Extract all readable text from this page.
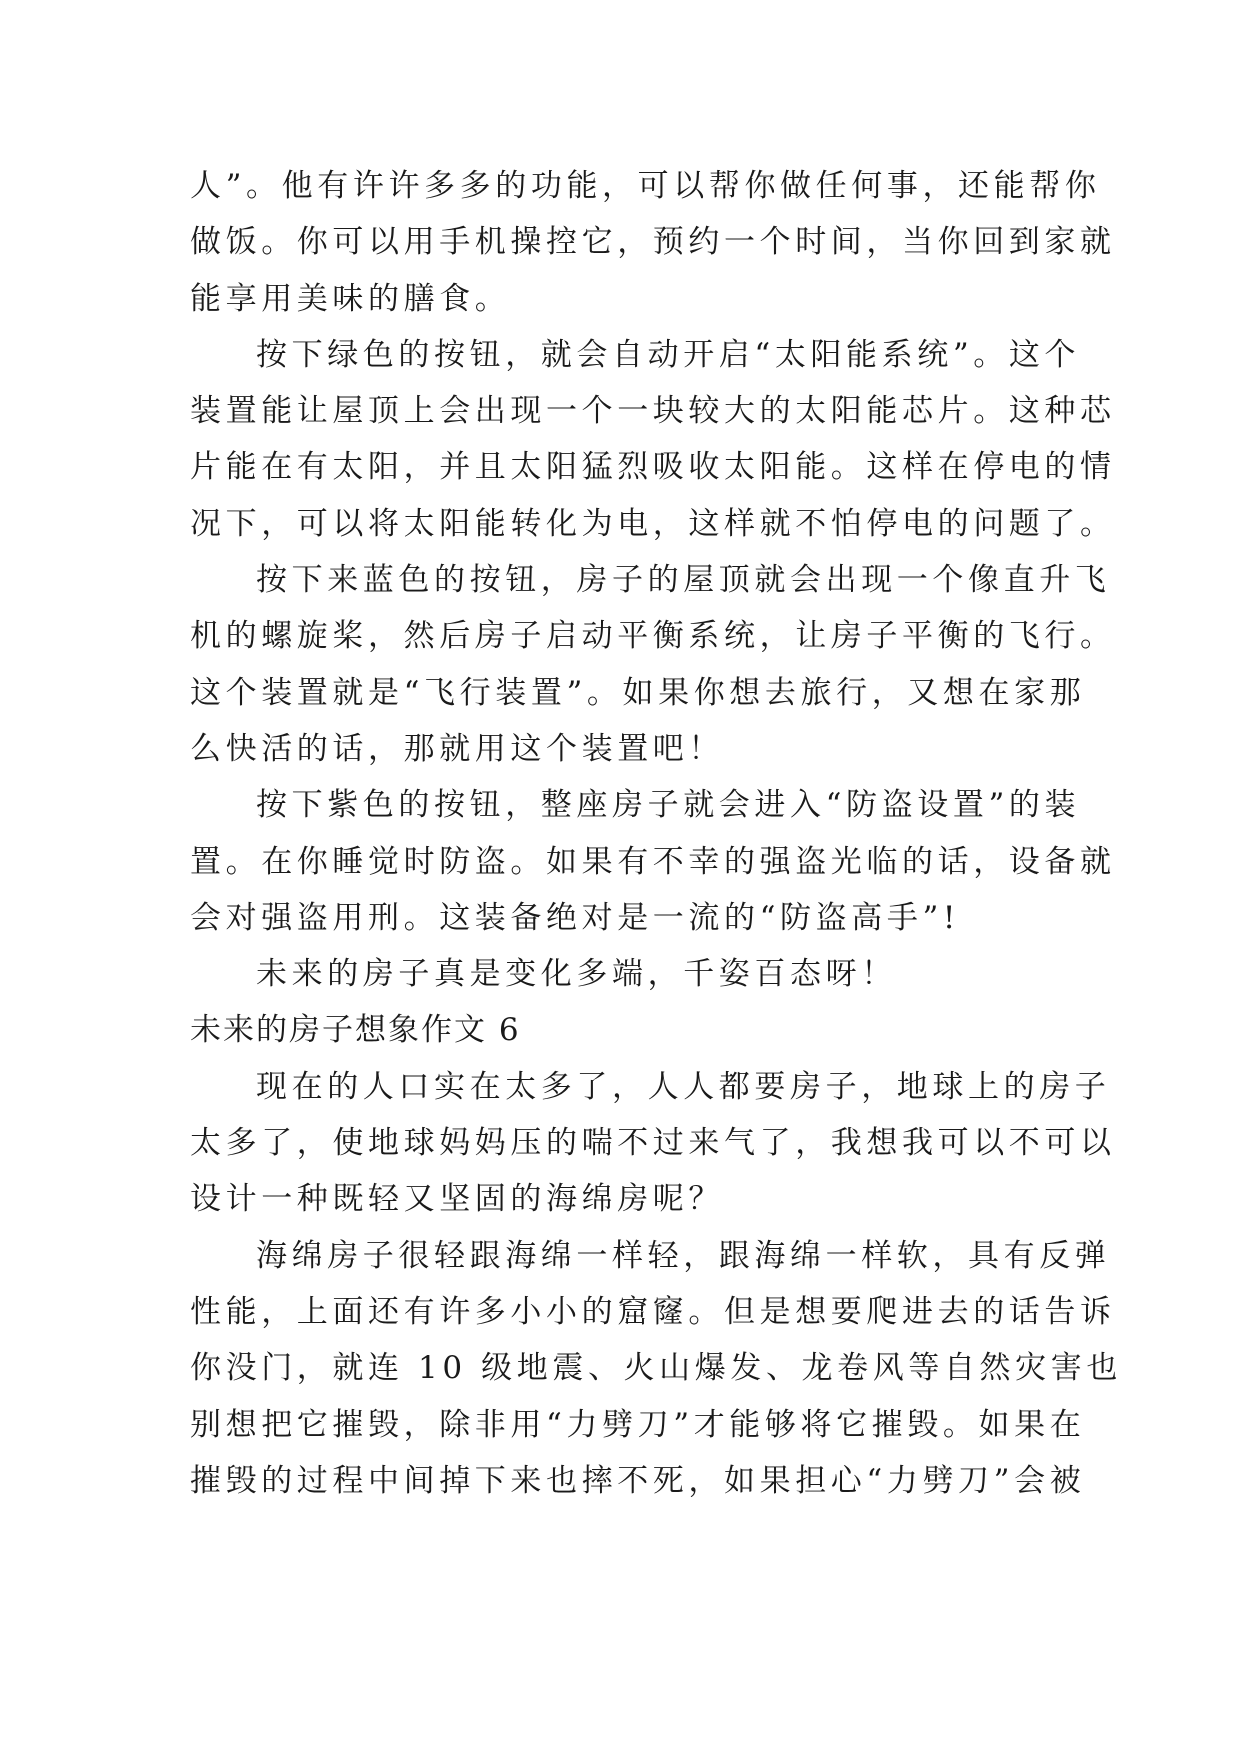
人”。他有许许多多的功能，可以帮你做任何事，还能帮你
做饭。你可以用手机操控它，预约一个时间，当你回到家就
能享用美味的膳食。
按下绿色的按钮，就会自动开启“太阳能系统”。这个
装置能让屋顶上会出现一个一块较大的太阳能芯片。这种芯
片能在有太阳，并且太阳猛烈吸收太阳能。这样在停电的情
况下，可以将太阳能转化为电，这样就不怕停电的问题了。
按下来蓝色的按钮，房子的屋顶就会出现一个像直升飞
机的螺旋桨，然后房子启动平衡系统，让房子平衡的飞行。
这个装置就是“飞行装置”。如果你想去旅行，又想在家那
么快活的话，那就用这个装置吧！
按下紫色的按钮，整座房子就会进入“防盗设置”的装
置。在你睡觉时防盗。如果有不幸的强盗光临的话，设备就
会对强盗用刑。这装备绝对是一流的“防盗高手”!
未来的房子真是变化多端，千姿百态呀！
未来的房子想象作文 6
现在的人口实在太多了，人人都要房子，地球上的房子
太多了，使地球妈妈压的喘不过来气了，我想我可以不可以
设计一种既轻又坚固的海绵房呢？
海绵房子很轻跟海绵一样轻，跟海绵一样软，具有反弹
性能，上面还有许多小小的窟窿。但是想要爬进去的话告诉
你没门，就连 10 级地震、火山爆发、龙卷风等自然灾害也
别想把它摧毁，除非用“力劈刀”才能够将它摧毁。如果在
摧毁的过程中间掉下来也摔不死，如果担心“力劈刀”会被
